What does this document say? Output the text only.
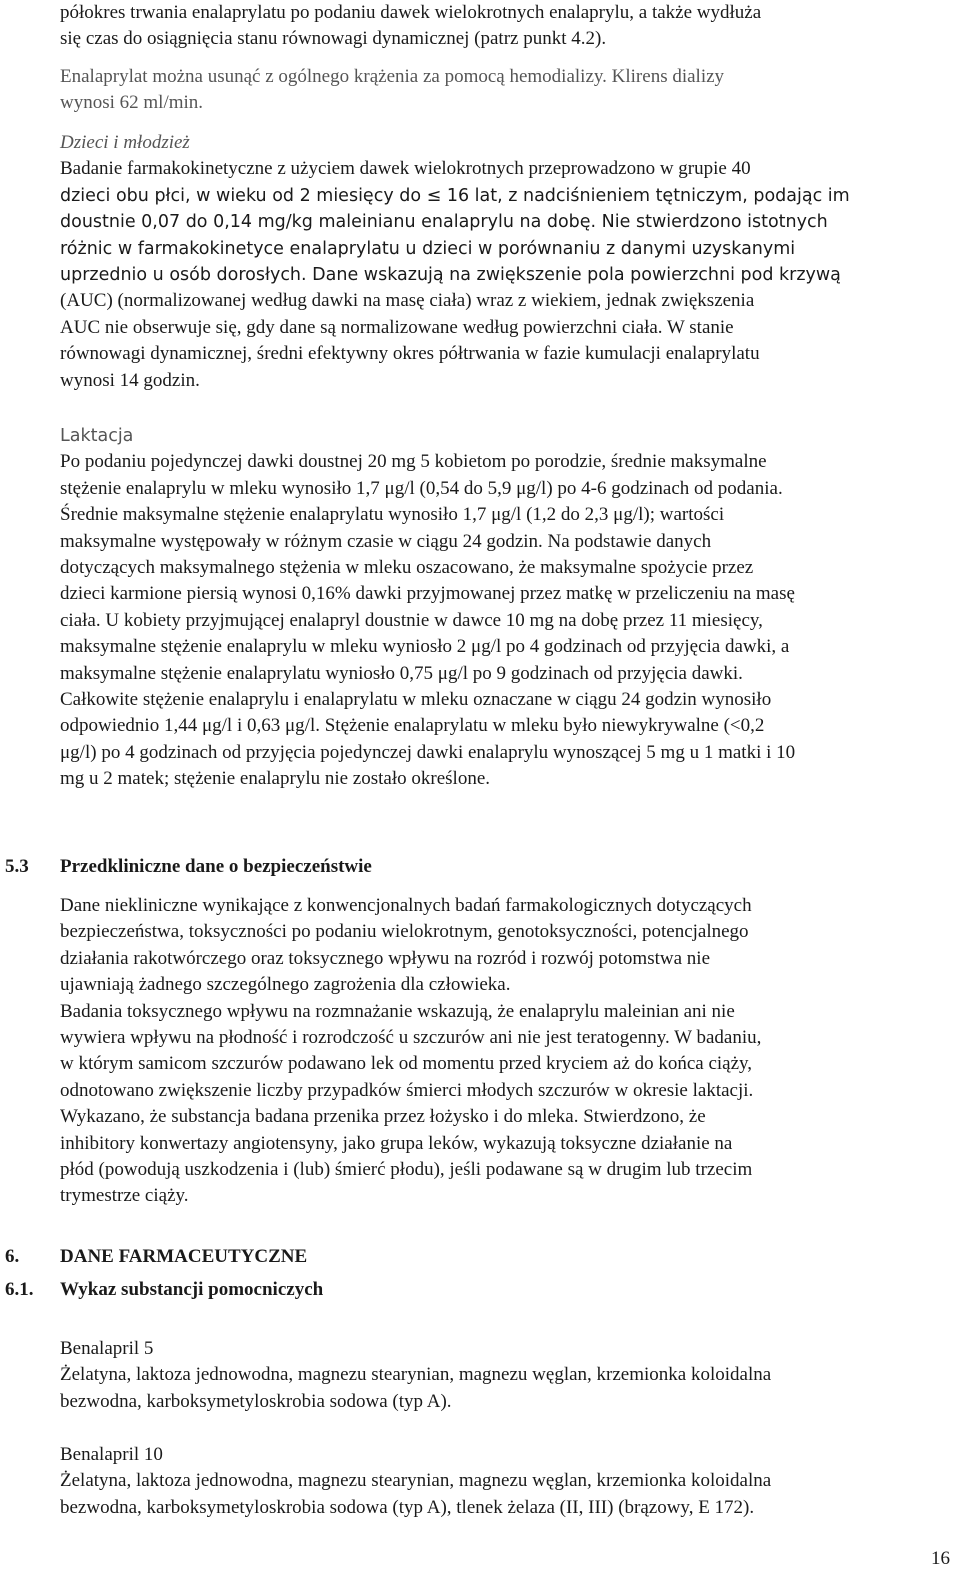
półokres trwania enalaprylatu po podaniu dawek wielokrotnych enalaprylu, a także wydłuża

się czas do osiągnięcia stanu równowagi dynamicznej (patrz punkt 4.2).

Enalaprylat można usunąć z ogólnego krążenia za pomocą hemodializy. Klirens dializy

wynosi 62 ml/min.

Dzieci i młodzież

Badanie farmakokinetyczne z użyciem dawek wielokrotnych przeprowadzono w grupie 40

dzieci obu płci, w wieku od 2 miesięcy do ≤ 16 lat, z nadciśnieniem tętniczym, podając im

doustnie 0,07 do 0,14 mg/kg maleinianu enalaprylu na dobę. Nie stwierdzono istotnych

różnic w farmakokinetyce enalaprylatu u dzieci w porównaniu z danymi uzyskanymi

uprzednio u osób dorosłych. Dane wskazują na zwiększenie pola powierzchni pod krzywą

(AUC) (normalizowanej według dawki na masę ciała) wraz z wiekiem, jednak zwiększenia

AUC nie obserwuje się, gdy dane są normalizowane według powierzchni ciała. W stanie

równowagi dynamicznej, średni efektywny okres półtrwania w fazie kumulacji enalaprylatu

wynosi 14 godzin.

Laktacja

Po podaniu pojedynczej dawki doustnej 20 mg 5 kobietom po porodzie, średnie maksymalne

stężenie enalaprylu w mleku wynosiło 1,7 μg/l (0,54 do 5,9 μg/l) po 4-6 godzinach od podania.

Średnie maksymalne stężenie enalaprylatu wynosiło 1,7 μg/l (1,2 do 2,3 μg/l); wartości

maksymalne występowały w różnym czasie w ciągu 24 godzin. Na podstawie danych

dotyczących maksymalnego stężenia w mleku oszacowano, że maksymalne spożycie przez

dzieci karmione piersią wynosi 0,16% dawki przyjmowanej przez matkę w przeliczeniu na masę

ciała. U kobiety przyjmującej enalapryl doustnie w dawce 10 mg na dobę przez 11 miesięcy,

maksymalne stężenie enalaprylu w mleku wyniosło 2 μg/l po 4 godzinach od przyjęcia dawki, a

maksymalne stężenie enalaprylatu wyniosło 0,75 μg/l po 9 godzinach od przyjęcia dawki.

Całkowite stężenie enalaprylu i enalaprylatu w mleku oznaczane w ciągu 24 godzin wynosiło

odpowiednio 1,44 μg/l i 0,63 μg/l. Stężenie enalaprylatu w mleku było niewykrywalne (<0,2

μg/l) po 4 godzinach od przyjęcia pojedynczej dawki enalaprylu wynoszącej 5 mg u 1 matki i 10

mg u 2 matek; stężenie enalaprylu nie zostało określone.

5.3 Przedkliniczne dane o bezpieczeństwie

Dane niekliniczne wynikające z konwencjonalnych badań farmakologicznych dotyczących

bezpieczeństwa, toksyczności po podaniu wielokrotnym, genotoksyczności, potencjalnego

działania rakotwórczego oraz toksycznego wpływu na rozród i rozwój potomstwa nie

ujawniają żadnego szczególnego zagrożenia dla człowieka.

Badania toksycznego wpływu na rozmnażanie wskazują, że enalaprylu maleinian ani nie

wywiera wpływu na płodność i rozrodczość u szczurów ani nie jest teratogenny. W badaniu,

w którym samicom szczurów podawano lek od momentu przed kryciem aż do końca ciąży,

odnotowano zwiększenie liczby przypadków śmierci młodych szczurów w okresie laktacji.

Wykazano, że substancja badana przenika przez łożysko i do mleka. Stwierdzono, że

inhibitory konwertazy angiotensyny, jako grupa leków, wykazują toksyczne działanie na

płód (powodują uszkodzenia i (lub) śmierć płodu), jeśli podawane są w drugim lub trzecim

trymestrze ciąży.

6. DANE FARMACEUTYCZNE
6.1. Wykaz substancji pomocniczych

Benalapril 5

Żelatyna, laktoza jednowodna, magnezu stearynian, magnezu węglan, krzemionka koloidalna

bezwodna, karboksymetyloskrobia sodowa (typ A).

Benalapril 10

Żelatyna, laktoza jednowodna, magnezu stearynian, magnezu węglan, krzemionka koloidalna

bezwodna, karboksymetyloskrobia sodowa (typ A), tlenek żelaza (II, III) (brązowy, E 172).

16
